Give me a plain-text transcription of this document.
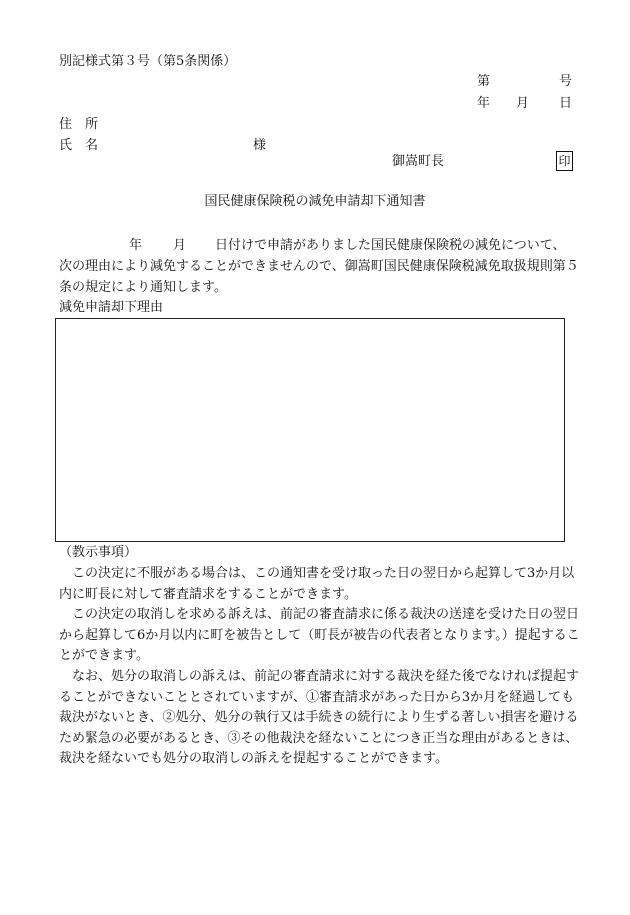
別記様式第３号（第5条関係）
第	号
年 月 日
住　所
氏　名	様
御嵩町長	印
国民健康保険税の減免申請却下通知書
年 月 日付けで申請がありました国民健康保険税の減免について、
次の理由により減免することができませんので、御嵩町国民健康保険税減免取扱規則第５条の規定により通知します。
減免申請却下理由
（教示事項）
この決定に不服がある場合は、この通知書を受け取った日の翌日から起算して3か月以内に町長に対して審査請求をすることができます。
この決定の取消しを求める訴えは、前記の審査請求に係る裁決の送達を受けた日の翌日から起算して6か月以内に町を被告として（町長が被告の代表者となります。）提起することができます。
なお、処分の取消しの訴えは、前記の審査請求に対する裁決を経た後でなければ提起することができないこととされていますが、①審査請求があった日から3か月を経過しても裁決がないとき、②処分、処分の執行又は手続きの続行により生ずる著しい損害を避けるため緊急の必要があるとき、③その他裁決を経ないことにつき正当な理由があるときは、裁決を経ないでも処分の取消しの訴えを提起することができます。
